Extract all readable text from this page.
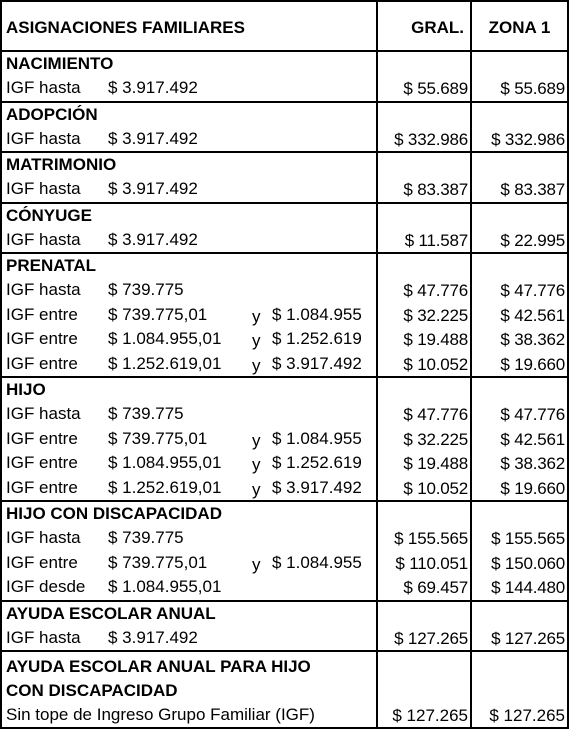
ASIGNACIONES FAMILIARES	GRAL.	ZONA 1
NACIMIENTO
IGF hasta $ 3.917.492	$ 55.689	$ 55.689
ADOPCIÓN
IGF hasta $ 3.917.492	$ 332.986	$ 332.986
MATRIMONIO
IGF hasta $ 3.917.492	$ 83.387	$ 83.387
CÓNYUGE
IGF hasta $ 3.917.492	$ 11.587	$ 22.995
PRENATAL
IGF hasta $ 739.775	$ 47.776	$ 47.776
IGF entre $ 739.775,01	y $ 1.084.955	$ 32.225	$ 42.561
IGF entre $ 1.084.955,01 y $ 1.252.619	$ 19.488	$ 38.362
IGF entre $ 1.252.619,01 y $ 3.917.492	$ 10.052	$ 19.660
HIJO
IGF hasta $ 739.775	$ 47.776	$ 47.776
IGF entre $ 739.775,01	y $ 1.084.955	$ 32.225	$ 42.561
IGF entre $ 1.084.955,01 y $ 1.252.619	$ 19.488	$ 38.362
IGF entre $ 1.252.619,01 y $ 3.917.492	$ 10.052	$ 19.660
HIJO CON DISCAPACIDAD
IGF hasta $ 739.775	$ 155.565	$ 155.565
IGF entre $ 739.775,01	y $ 1.084.955	$ 110.051	$ 150.060
IGF desde $ 1.084.955,01	$ 69.457	$ 144.480
AYUDA ESCOLAR ANUAL
IGF hasta $ 3.917.492	$ 127.265	$ 127.265
AYUDA ESCOLAR ANUAL PARA HIJO
CON DISCAPACIDAD
Sin tope de Ingreso Grupo Familiar (IGF)	$ 127.265	$ 127.265
